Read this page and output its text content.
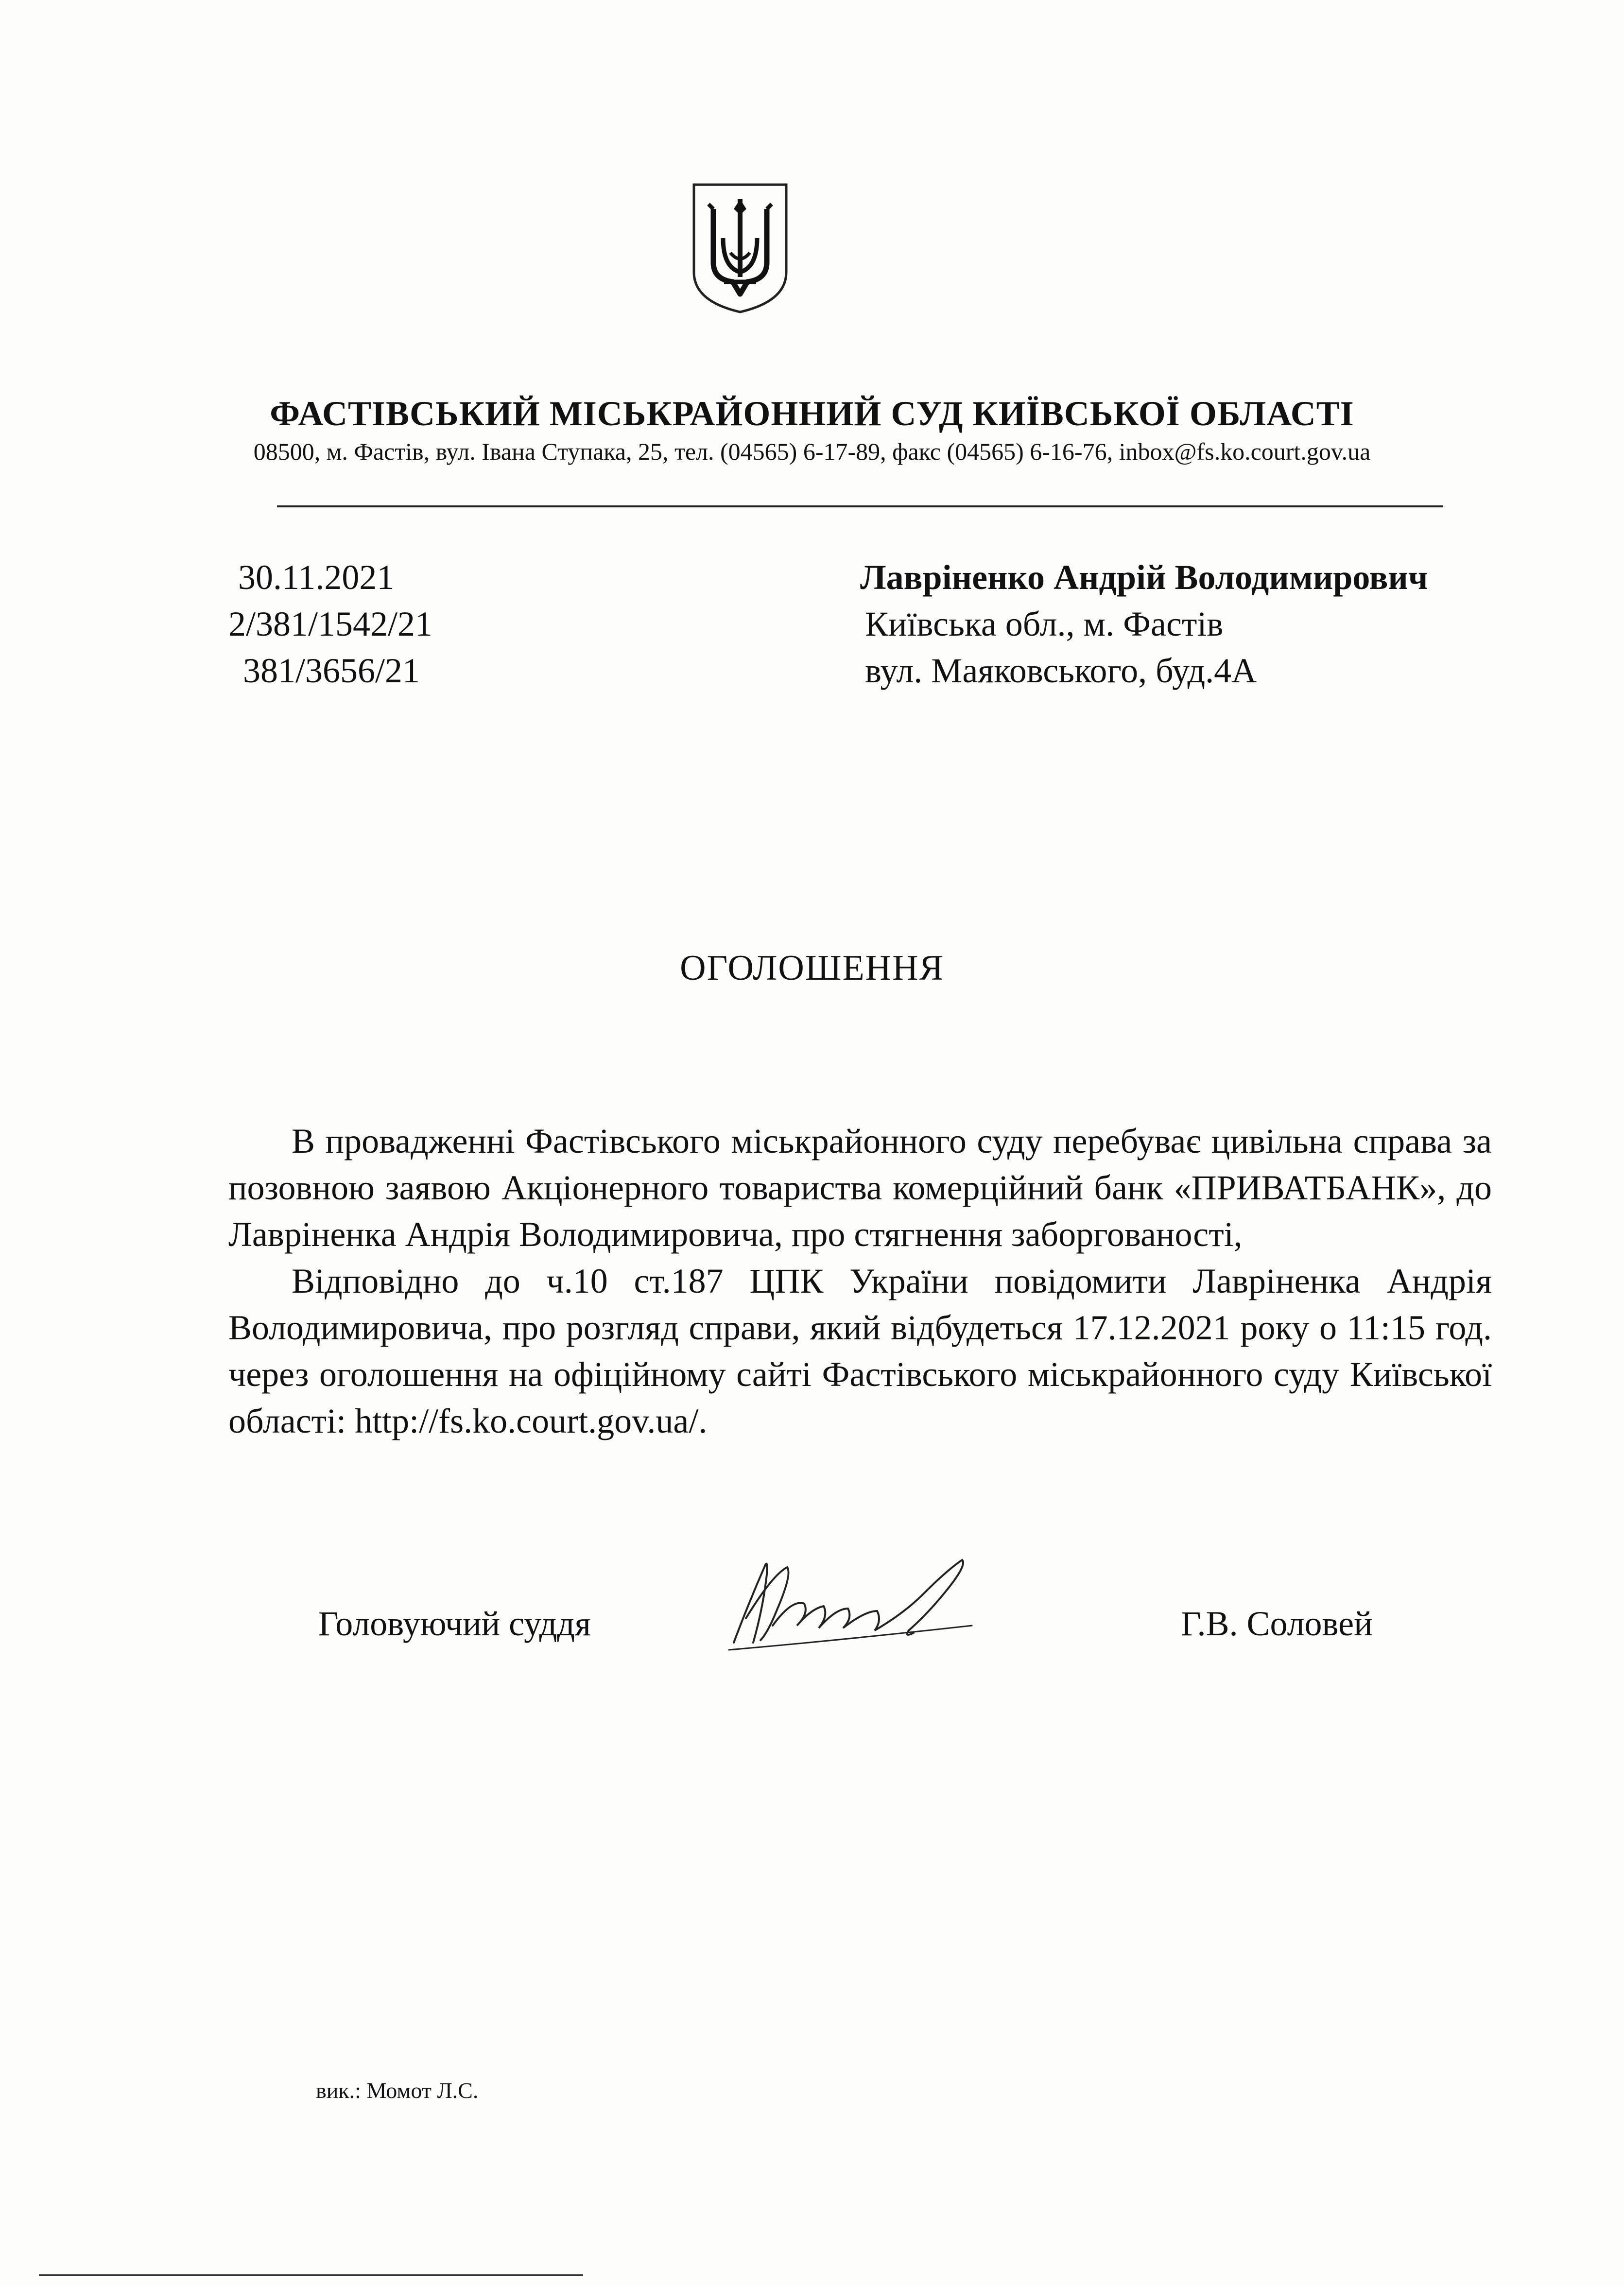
ФАСТІВСЬКИЙ МІСЬКРАЙОННИЙ СУД КИЇВСЬКОЇ ОБЛАСТІ
08500, м. Фастів, вул. Івана Ступака, 25, тел. (04565) 6-17-89, факс (04565) 6-16-76, inbox@fs.ko.court.gov.ua
30.11.2021
2/381/1542/21
381/3656/21
Лавріненко Андрій Володимирович
Київська обл., м. Фастів
вул. Маяковського, буд.4А
ОГОЛОШЕННЯ

В провадженні Фастівського міськрайонного суду перебуває цивільна справа за позовною заявою Акціонерного товариства комерційний банк «ПРИВАТБАНК», до Лавріненка Андрія Володимировича, про стягнення заборгованості,

Відповідно до ч.10 ст.187 ЦПК України повідомити Лавріненка Андрія Володимировича, про розгляд справи, який відбудеться 17.12.2021 року о 11:15 год. через оголошення на офіційному сайті Фастівського міськрайонного суду Київської області: http://fs.ko.court.gov.ua/.

Головуючий суддя	Г.В. Соловей
вик.: Момот Л.С.
